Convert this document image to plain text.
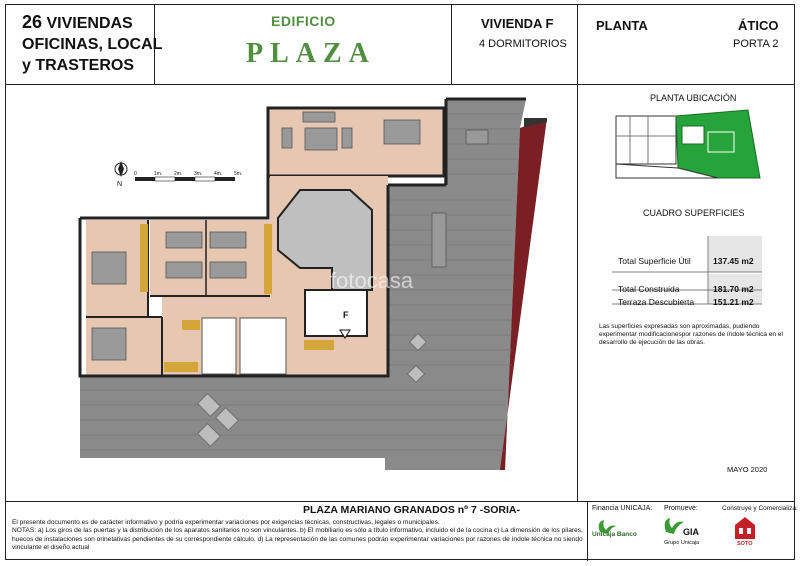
26 VIVIENDAS
OFICINAS, LOCAL
y TRASTEROS
EDIFICIO
PLAZA
VIVIENDA F
4 DORMITORIOS
PLANTA	ÁTICO
PORTA 2
F
fotocasa
N
0	1m. 2m. 3m. 4m. 5m.
PLANTA UBICACIÓN
CUADRO SUPERFICIES
Total Superficie Útil	137.45 m2
Total Construida	181.70 m2
Terraza Descubierta 151.21 m2
Las superficies expresadas son aproximadas, pudiendo experimentar modificacionespor razones de índole técnica en el desarrollo de ejecución de las obras.
MAYO 2020
PLAZA MARIANO GRANADOS nº 7 -SORIA-
El presente documento es de carácter informativo y podría experimentar variaciones por exigencias técnicas, constructivas, legales o municipales.
NOTAS: a) Los giros de las puertas y la distribución de los aparatos sanitarios no son vinculantes. b) El mobiliario es sólo a título informativo, incluido el de la cocina c) La dimensión de los pilares, huecos de instalaciones son orinetativas pendientes de su correspondiente cálculo. d) La representación de las comunes podrán experimentar variaciones por razones de índole técnica no siendo vinculante el diseño actual
Financia UNICAJA: Promueve:	Construye y Comercializa:
Unicaja Banco	GIA
Grupo Unicaja	SOTO
